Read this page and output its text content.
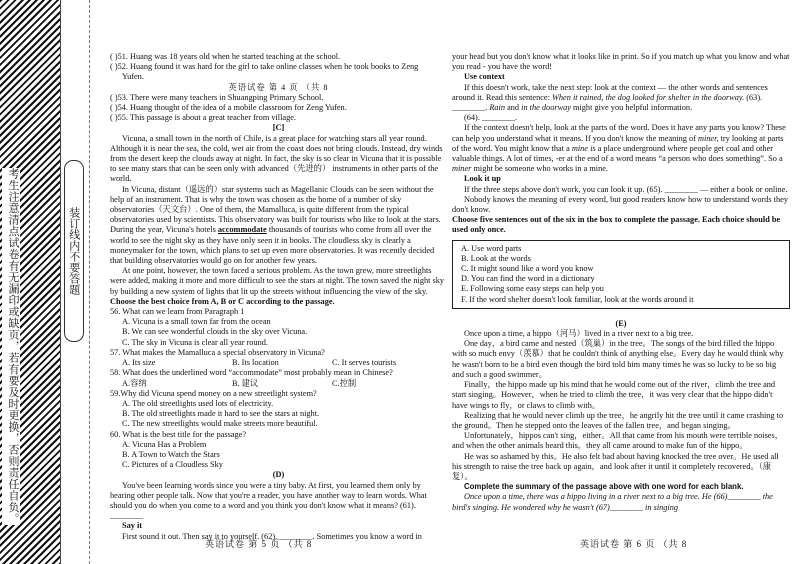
考生注意清点试卷有无漏印或缺页，若有要及时更换，否则责任自负。	装订线内不要答题

( )51. Huang was 18 years old when he started teaching at the school.

( )52. Huang found it was hard for the girl to take online classes when he took books to Zeng

Yufen.

英语试卷 第 4 页 （共 8

( )53. There were many teachers in Shuangping Primary School.

( )54. Huang thought of the idea of a mobile classroom for Zeng Yufen.

( )55. This passage is about a great teacher from village.

[C]

Vicuna, a small town in the north of Chile, is a great place for watching stars all year round. Although it is near the sea, the cold, wet air from the coast does not bring clouds. Instead, dry winds from the desert keep the clouds away at night. In fact, the sky is so clear in Vicuna that it is possible to see many stars that can be seen only with advanced（先进的） instruments in other parts of the world.

In Vicuna, distant（遥远的）star systems such as Magellanic Clouds can be seen without the help of an instrument. That is why the town was chosen as the home of a number of sky observatories（天文台）. One of them, the Mamalluca, is quite different from the typical observatories used by scientists. This observatory was built for tourists who like to look at the stars. During the year, Vicuna's hotels accommodate thousands of tourists who come from all over the world to see the night sky as they have only seen it in books. The cloudless sky is clearly a moneymaker for the town, which plans to set up even more observatories. It was recently decided that building observatories would go on for another few years.

At one point, however, the town faced a serious problem. As the town grew, more streetlights were added, making it more and more difficult to see the stars at night. The town saved the night sky by building a new system of lights that lit up the streets without influencing the view of the sky.

Choose the best choice from A, B or C according to the passage.

56. What can we learn from Paragraph 1

A. Vicuna is a small town far from the ocean

B. We can see wonderful clouds in the sky over Vicuna.

C. The sky in Vicuna is clear all year round.

57. What makes the Mamalluca a special observatory in Vicuna?

A. Its size	B. Its location	C. It serves tourists

58. What does the underlined word “accommodate” most probably mean in Chinese?

A.容纳	B. 建议	C.控制

59.Why did Vicuna spend money on a new streetlight system?

A. The old streetlights used lots of electricity.

B. The old streetlights made it hard to see the stars at night.

C. The new streetlights would make streets more beautiful.

60. What is the best title for the passage?

A. Vicuna Has a Problem

B. A Town to Watch the Stars

C. Pictures of a Cloudless Sky

(D)

You've been learning words since you were a tiny baby. At first, you learned them only by hearing other people talk. Now that you're a reader, you have another way to learn words. What should you do when you come to a word and you think you don't know what it means? (61). ________

Say it

First sound it out. Then say it to yourself. (62). ________. Sometimes you know a word in

英语试卷 第 5 页 （共 8

your head but you don't know what it looks like in print. So if you match up what you know and what you read - you have the word!

Use context

If this doesn't work, take the next step: look at the context — the other words and sentences around it. Read this sentence: When it rained, the dog looked for shelter in the doorway. (63). ________. Rain and in the doorway might give you helpful information.

(64). ________.

If the context doesn't help, look at the parts of the word. Does it have any parts you know? These can help you understand what it means. If you don't know the meaning of miner, try looking at parts of the word. You might know that a mine is a place underground where people get coal and other valuable things. A lot of times, -er at the end of a word means “a person who does something”. So a miner might be someone who works in a mine.

Look it up

If the three steps above don't work, you can look it up. (65). ________ — either a book or online.

Nobody knows the meaning of every word, but good readers know how to understand words they don't know.

Choose five sentences out of the six in the box to complete the passage. Each choice should be used only once.

A. Use word parts

B. Look at the words

C. It might sound like a word you know

D. You can find the word in a dictionary

E. Following some easy steps can help you

F. If the word shelter doesn't look familiar, look at the words around it

(E)

Once upon a time, a hippo（河马）lived in a river next to a big tree.

One day，a bird came and nested（筑巢）in the tree。The songs of the bird filled the hippo with so much envy（羡慕）that he couldn't think of anything else。Every day he would think why he wasn't born to be a bird even though the bird told him many times he was so lucky to be so big and such a good swimmer。

Finally，the hippo made up his mind that he would come out of the river，climb the tree and start singing。However，when he tried to climb the tree，it was very clear that the hippo didn't have wings to fly，or claws to climb with。

Realizing that he would never climb up the tree，he angrily hit the tree until it came crashing to the ground。Then he stepped onto the leaves of the fallen tree，and began singing。

Unfortunately，hippos can't sing，either。All that came from his mouth were terrible noises，and when the other animals heard this，they all came around to make fun of the hippo。

He was so ashamed by this。He also felt bad about having knocked the tree over。He used all his strength to raise the tree back up again，and look after it until it completely recovered。（康复）。

Complete the summary of the passage above with one word for each blank.

Once upon a time, there was a hippo living in a river next to a big tree. He (66)________ the bird's singing. He wondered why he wasn't (67)________ in singing

英语试卷 第 6 页 （共 8
